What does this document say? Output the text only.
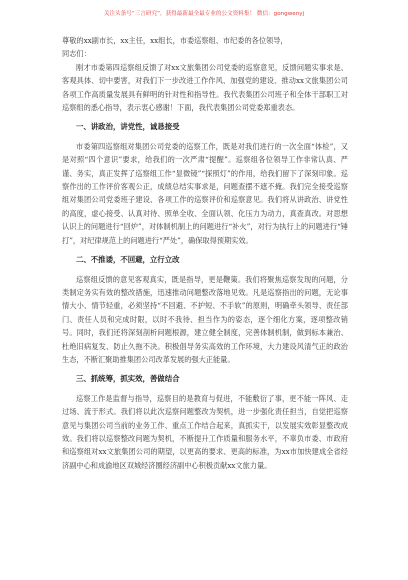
关注头条号“三言研究”，获得最新最全最专业的公文资料集！ 微信：gongwenyj

尊敬的xx副市长，xx主任，xx组长，市委巡察组、市纪委的各位领导，

同志们：

刚才市委第四巡察组反馈了对xx文旅集团公司党委的巡察意见，反馈问题实事求是、客观具体、切中要害，对我们下一步改进工作作风、加强党的建设、推动xx文旅集团公司各项工作高质量发展具有鲜明的针对性和指导性。我代表集团公司班子和全体干部职工对巡察组的悉心指导，表示衷心感谢！下面，我代表集团公司党委郑重表态。

一、讲政治，讲党性，诚恳接受

市委第四巡察组对集团公司党委的巡察工作，既是对我们进行的一次全面“体检”，又是对照“四个意识”要求，给我们的一次严肃“提醒”。巡察组各位领导工作非常认真、严谨、务实，真正发挥了巡察组工作“显微镜”“探照灯”的作用，给我们留下了深刻印象。巡察作出的工作评价客观公正，成绩总结实事求是，问题查摆不遮不掩。我们完全接受巡察组对集团公司党委班子建设、各项工作的巡察评价和巡察意见。我们将从讲政治、讲党性的高度，虚心接受、认真对待、照单全收、全面认领、化压力为动力，真查真改。对思想认识上的问题进行“回炉”，对体制机制上的问题进行“补火”，对行为执行上的问题进行“锤打”，对纪律规范上的问题进行“严处”，确保取得预期实效。

二、不推诿，不回避，立行立改

巡察组反馈的意见客观真实，既是指导，更是鞭策。我们将聚焦巡察发现的问题，分类制定务实有效的整改措施，迅速推动问题整改落地见效。凡是巡察指出的问题，无论事情大小、情节轻重，必须坚持“不回避、不护短、不手软”的原则，明确牵头领导、责任部门、责任人员和完成时限，以时不我待、担当作为的姿态，逐个细化方案，逐项整改销号。同时，我们还将深刻剖析问题根源，建立健全制度，完善体制机制，做到标本兼治、杜绝旧病复发、防止久拖不决。积极倡导务实高效的工作环境，大力建设风清气正的政治生态，不断汇聚助推集团公司改革发展的强大正能量。

三、抓统筹，抓实效，善做结合

巡察工作是监督与指导，巡察目的是教育与促进，不能敷衍了事，更不能一阵风、走过场、流于形式。我们将以此次巡察问题整改为契机，进一步强化责任担当，自觉把巡察意见与集团公司当前的业务工作、重点工作结合起来，真抓实干，以发展实效彰显整改成效。我们将以巡察整改问题为契机，不断提升工作质量和服务水平，不辜负市委、市政府和巡察组对xx文旅集团公司的期望，以更高的要求、更高的标准，为xx市加快建成全省经济副中心和成渝地区双城经济圈经济副中心积极贡献xx文旅力量。
